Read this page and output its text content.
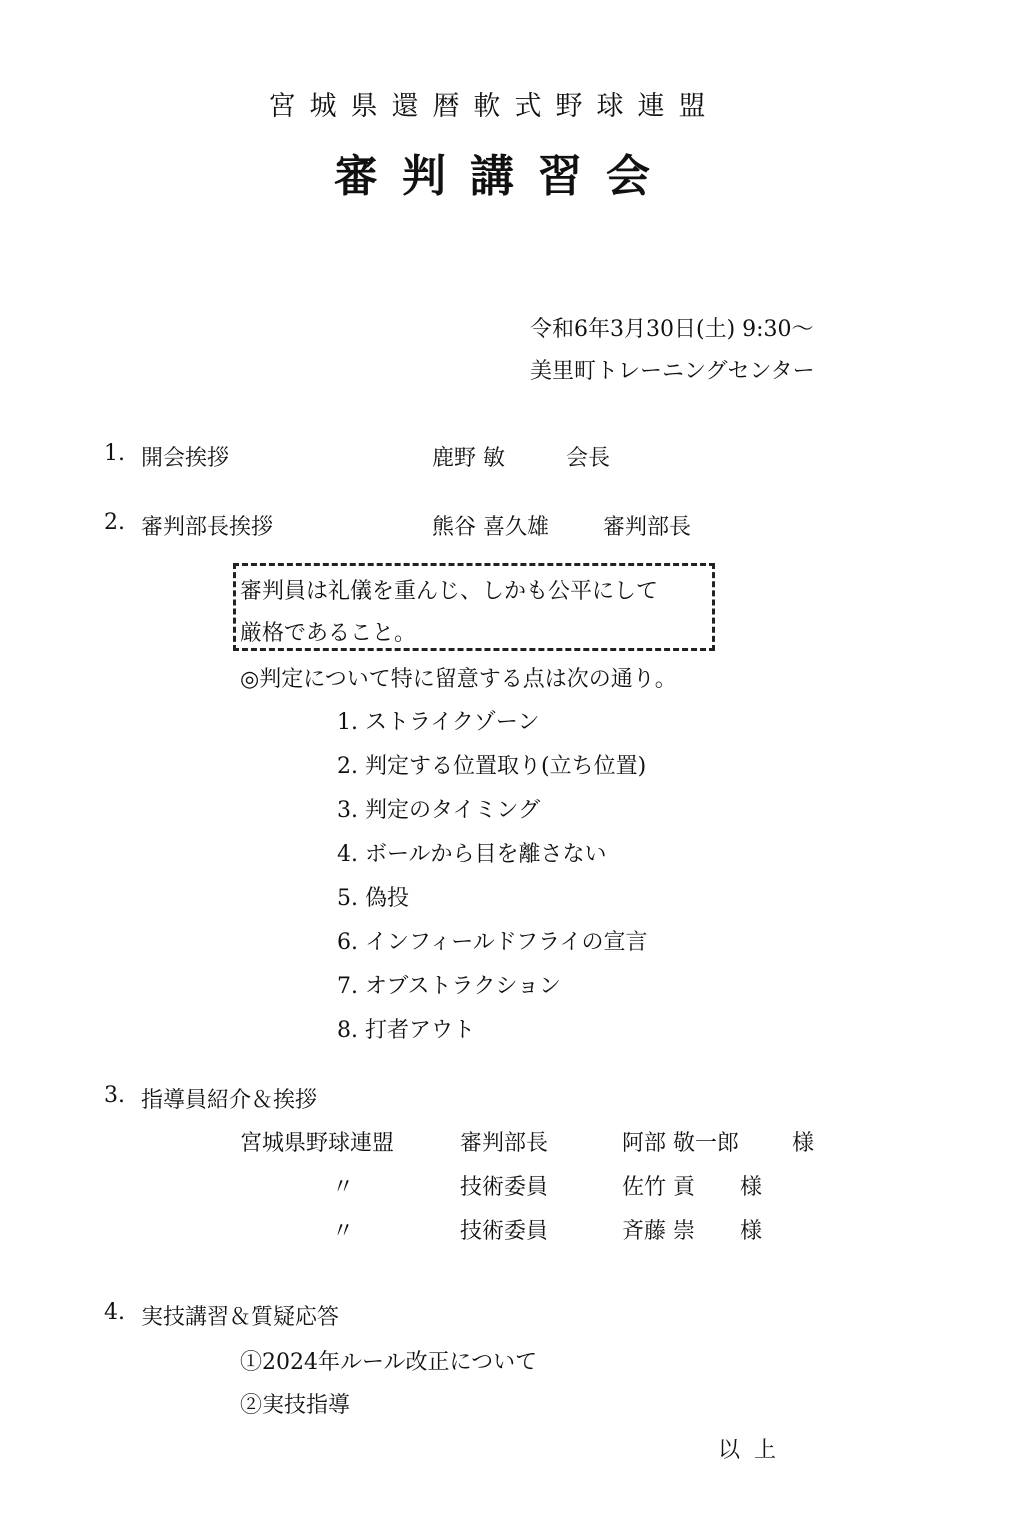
宮城県還暦軟式野球連盟
審判講習会
令和6年3月30日(土) 9:30～
美里町トレーニングセンター
1. 開会挨拶	鹿野 敏	会長
2. 審判部長挨拶	熊谷 喜久雄 審判部長
審判員は礼儀を重んじ、しかも公平にして
厳格であること。
◎判定について特に留意する点は次の通り。
1. ストライクゾーン
2. 判定する位置取り(立ち位置)
3. 判定のタイミング
4. ボールから目を離さない
5. 偽投
6. インフィールドフライの宣言
7. オブストラクション
8. 打者アウト
3. 指導員紹介＆挨拶
宮城県野球連盟	審判部長	阿部 敬一郎 様
〃	技術委員	佐竹 貢 様
〃	技術委員	斉藤 崇 様
4. 実技講習＆質疑応答
①2024年ルール改正について
②実技指導
以上
